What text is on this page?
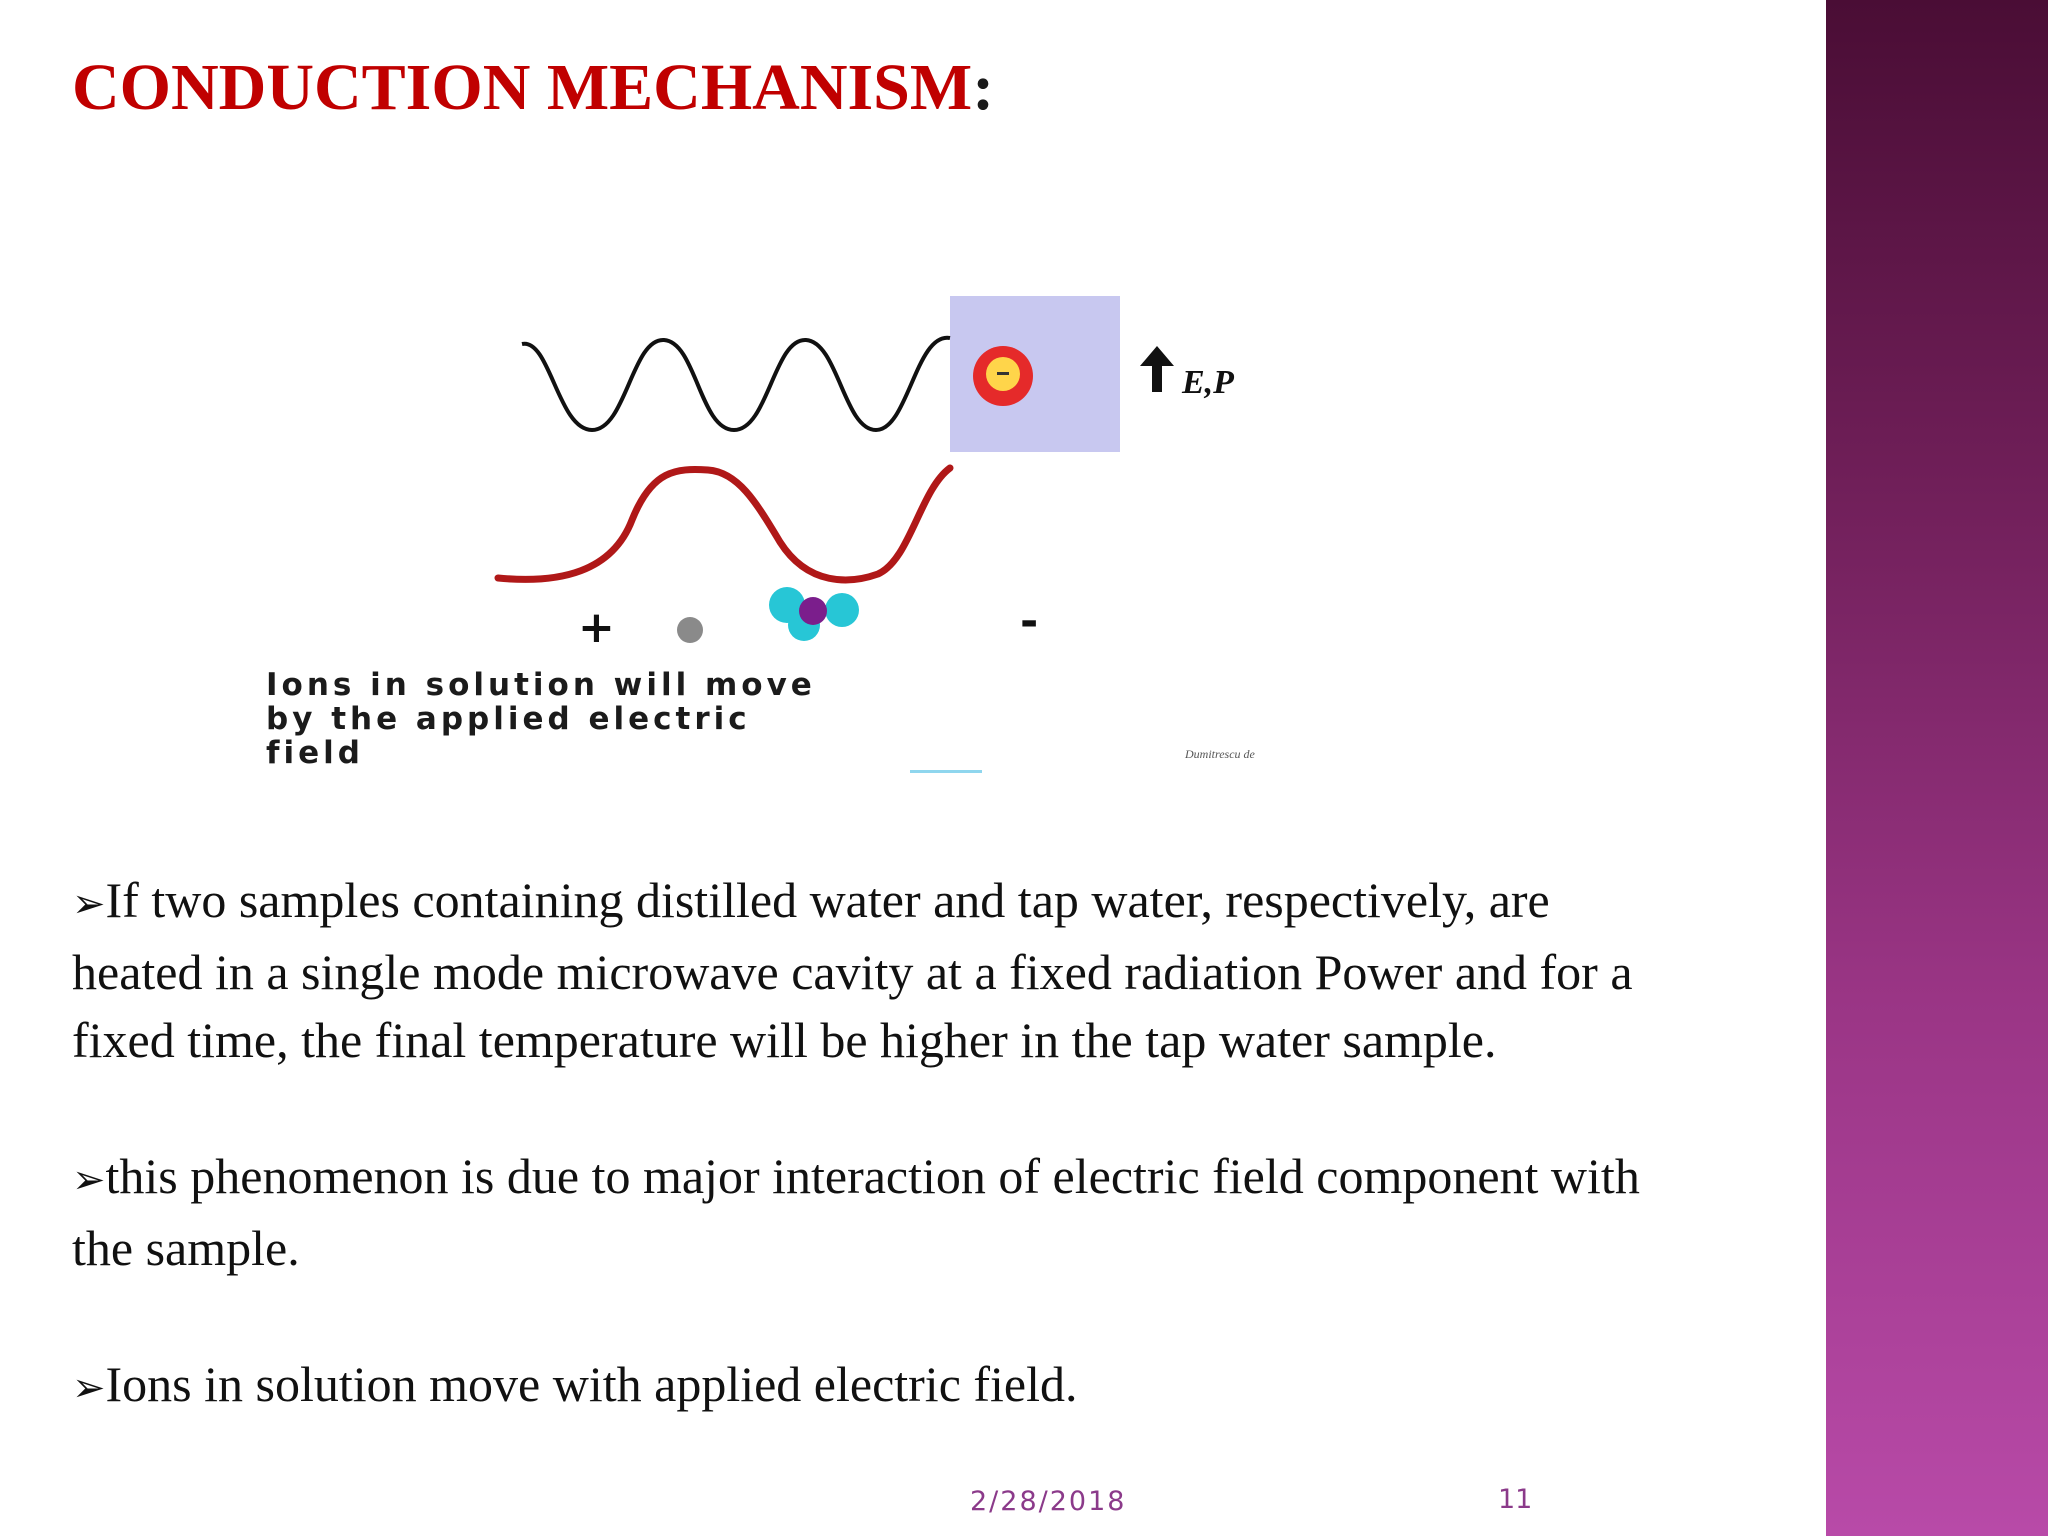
CONDUCTION MECHANISM:
E,P
+	-

Ions in solution will move
by the applied electric
field	Dumitrescu de

➢If two samples containing distilled water and tap water, respectively, are heated in a single mode microwave cavity at a fixed radiation Power and for a fixed time, the final temperature will be higher in the tap water sample.

➢this phenomenon is due to major interaction of electric field component with the sample.

➢Ions in solution move with applied electric field.

2/28/2018	11
